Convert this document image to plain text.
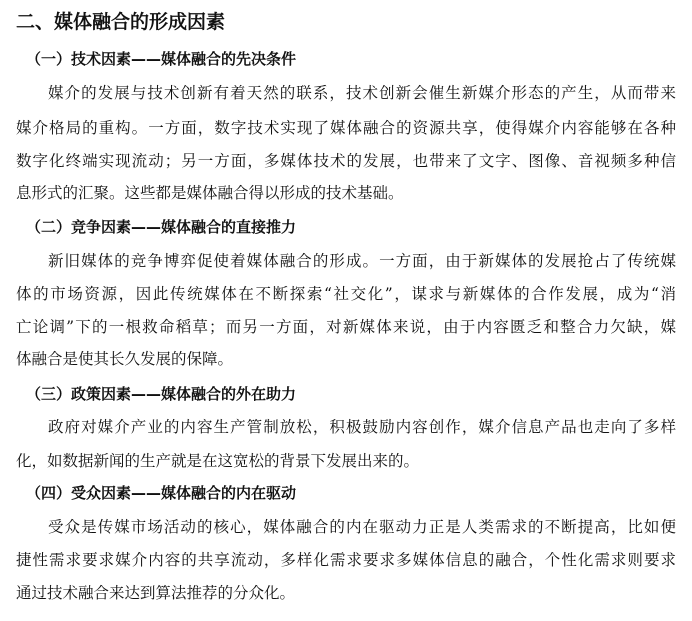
二、媒体融合的形成因素
（一）技术因素——媒体融合的先决条件
媒介的发展与技术创新有着天然的联系，技术创新会催生新媒介形态的产生，从而带来
媒介格局的重构。一方面，数字技术实现了媒体融合的资源共享，使得媒介内容能够在各种
数字化终端实现流动；另一方面，多媒体技术的发展，也带来了文字、图像、音视频多种信
息形式的汇聚。这些都是媒体融合得以形成的技术基础。
（二）竞争因素——媒体融合的直接推力
新旧媒体的竞争博弈促使着媒体融合的形成。一方面，由于新媒体的发展抢占了传统媒
体的市场资源，因此传统媒体在不断探索“社交化”，谋求与新媒体的合作发展，成为“消
亡论调”下的一根救命稻草；而另一方面，对新媒体来说，由于内容匮乏和整合力欠缺，媒
体融合是使其长久发展的保障。
（三）政策因素——媒体融合的外在助力
政府对媒介产业的内容生产管制放松，积极鼓励内容创作，媒介信息产品也走向了多样
化，如数据新闻的生产就是在这宽松的背景下发展出来的。
（四）受众因素——媒体融合的内在驱动
受众是传媒市场活动的核心，媒体融合的内在驱动力正是人类需求的不断提高，比如便
捷性需求要求媒介内容的共享流动，多样化需求要求多媒体信息的融合，个性化需求则要求
通过技术融合来达到算法推荐的分众化。
